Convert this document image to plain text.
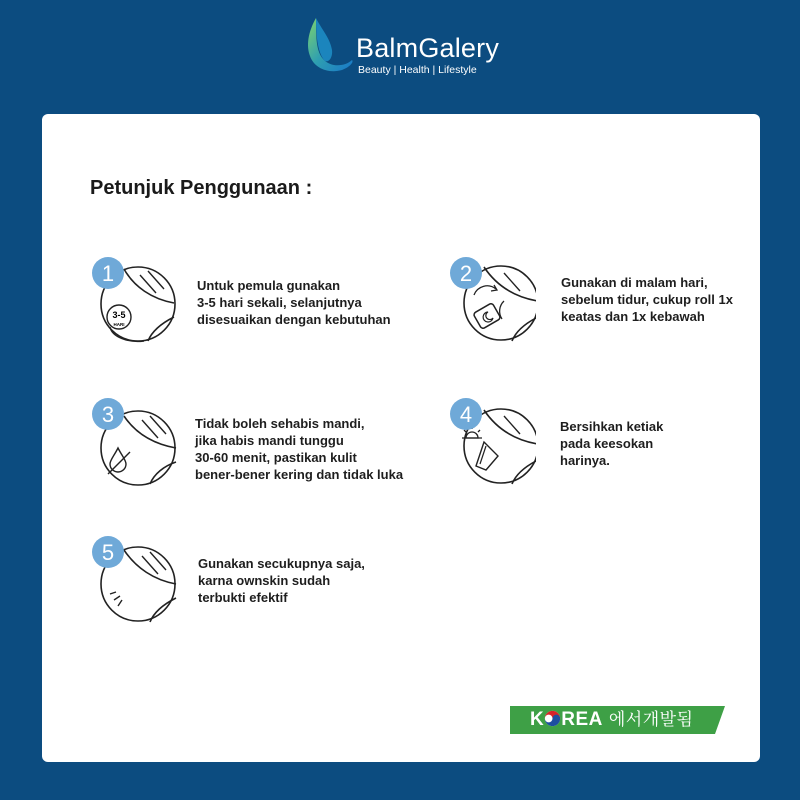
BalmGalery
Beauty | Health | Lifestyle
Petunjuk Penggunaan :
3-5
HARI
1	Untuk pemula gunakan
3-5 hari sekali, selanjutnya
disesuaikan dengan kebutuhan
2	Gunakan di malam hari,
sebelum tidur, cukup roll 1x
keatas dan 1x kebawah
3	Tidak boleh sehabis mandi,
jika habis mandi tunggu
30-60 menit, pastikan kulit
bener-bener kering dan tidak luka
4	Bersihkan ketiak
pada keesokan
harinya.
5	Gunakan secukupnya saja,
karna ownskin sudah
terbukti efektif
K REA 에서개발됨
